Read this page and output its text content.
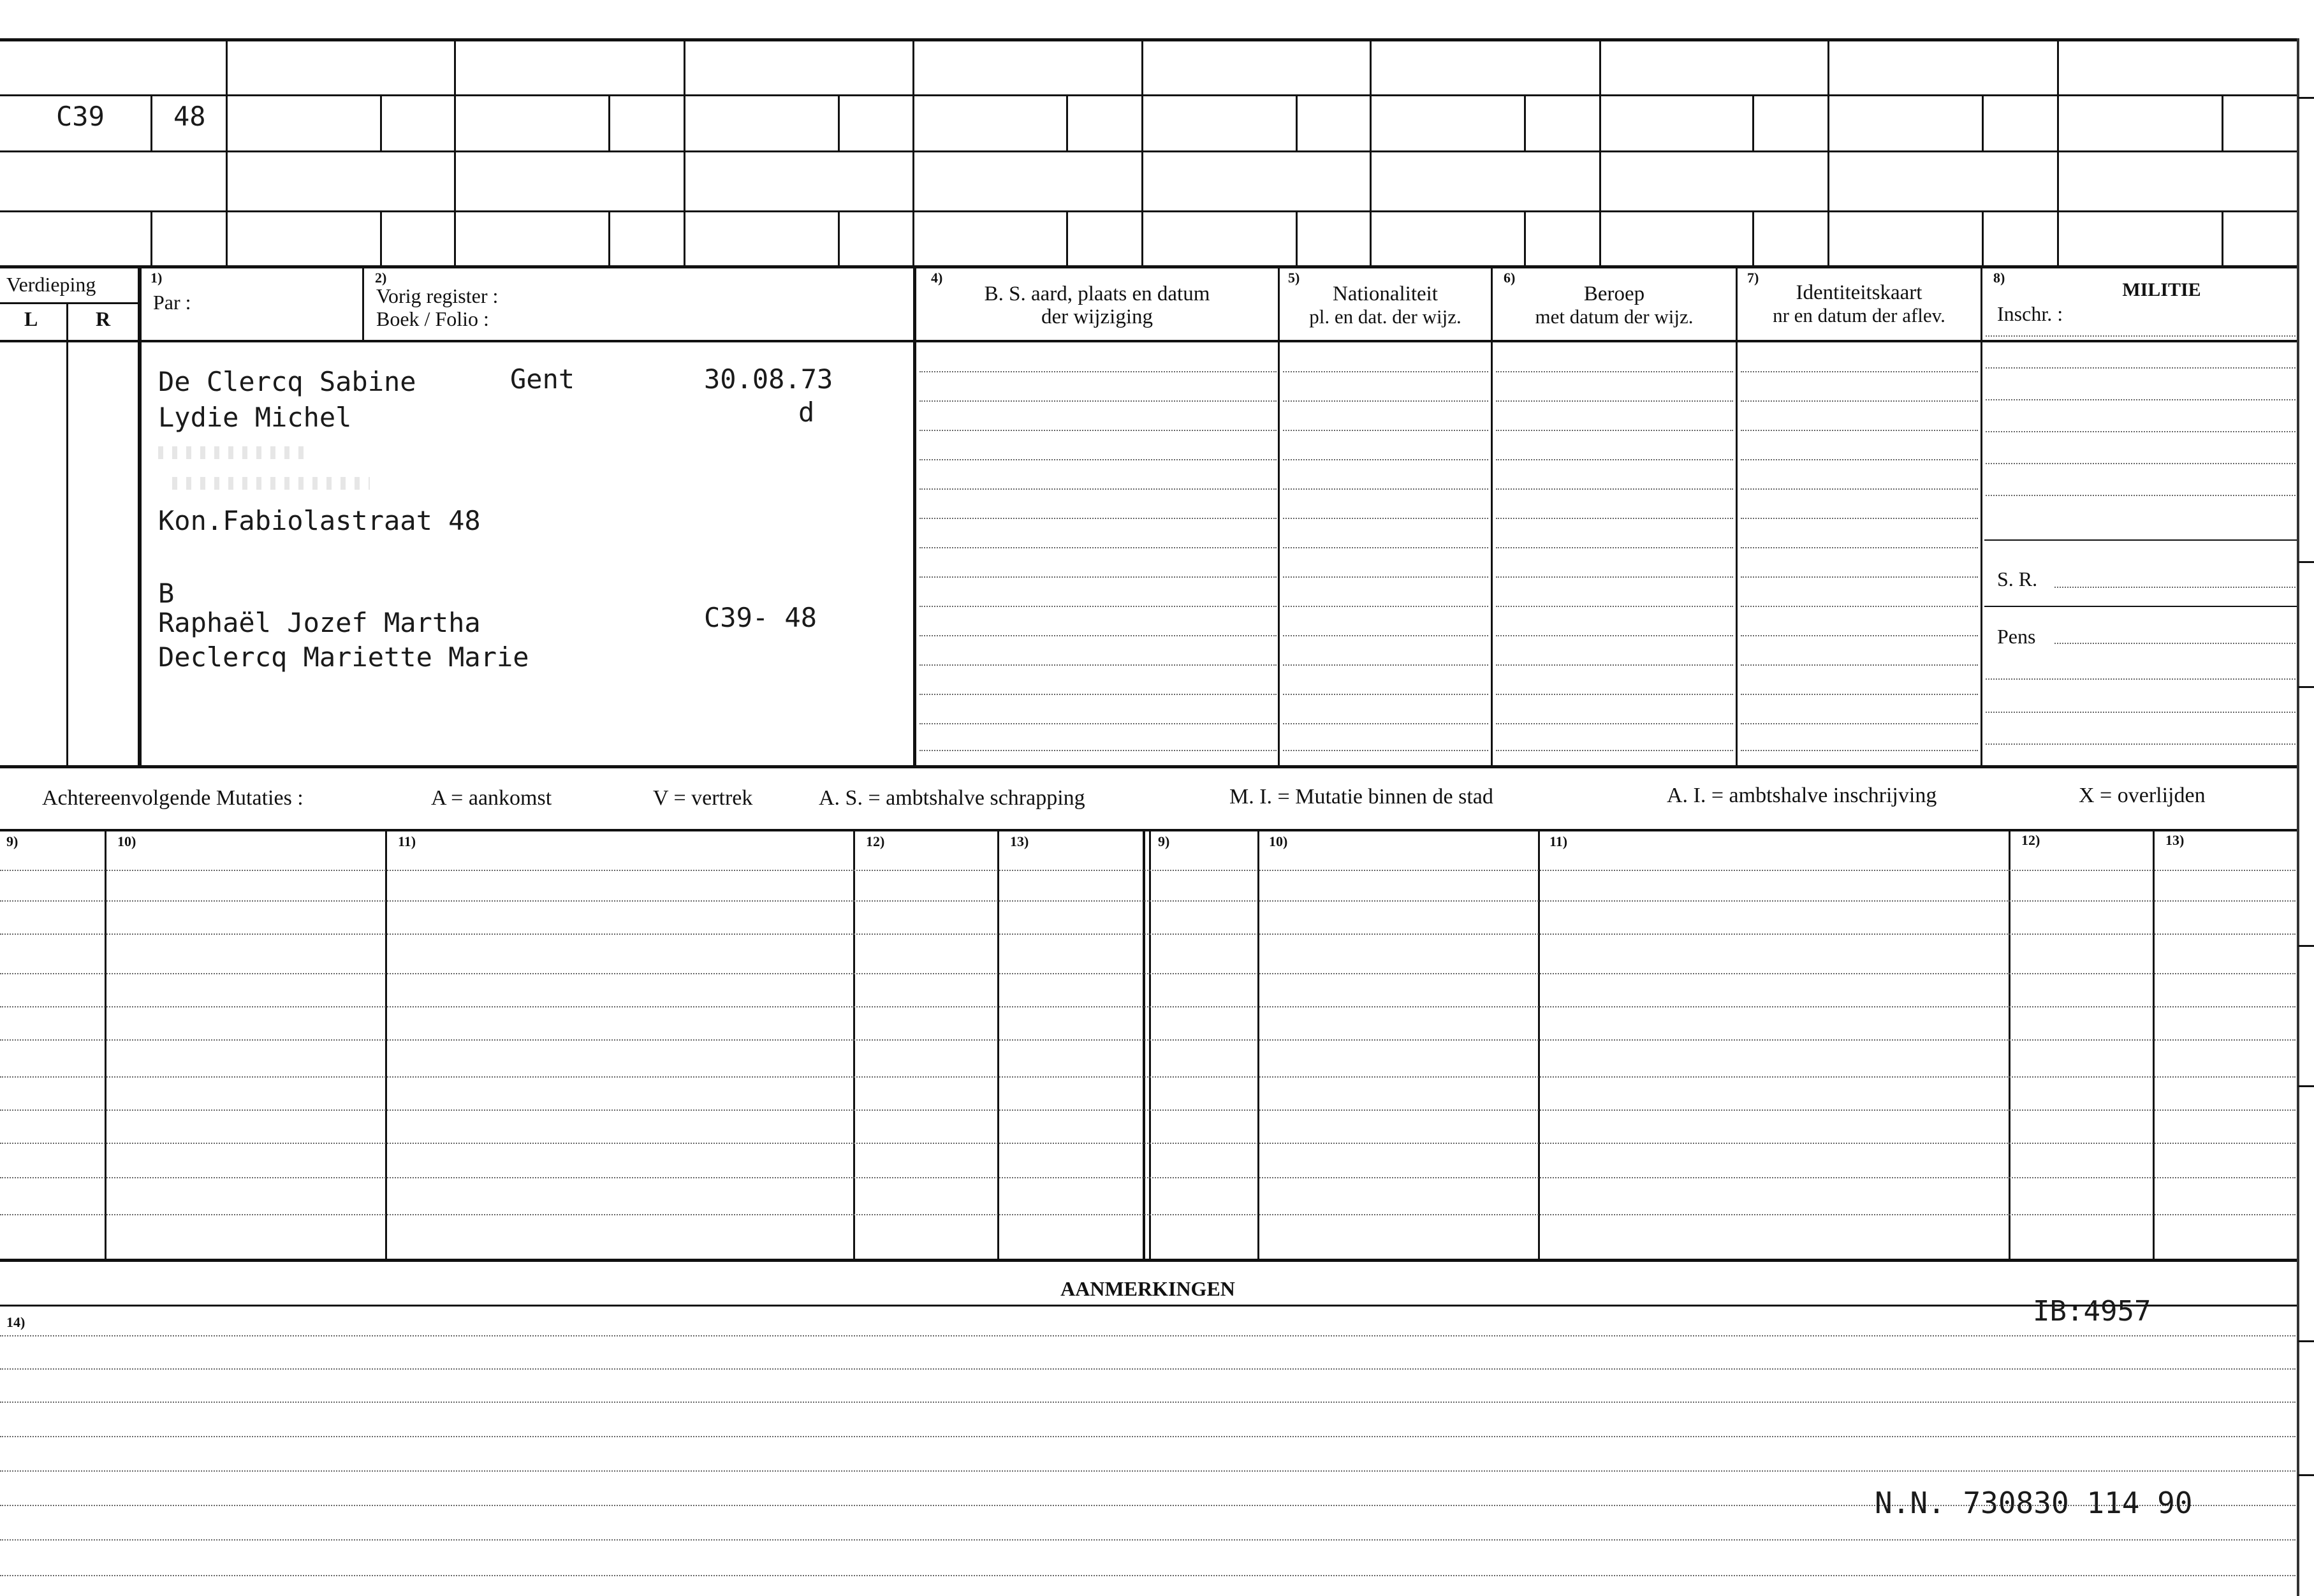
C39	48
Verdieping
L	R
1)
Par :
2)
Vorig register :
Boek / Folio :
4)
B. S. aard, plaats en datum
der wijziging
5)
Nationaliteit
pl. en dat. der wijz.
6)
Beroep
met datum der wijz.
7)
Identiteitskaart
nr en datum der aflev.
8)
MILITIE
Inschr. :
S. R.
Pens
De Clercq Sabine	Gent	30.08.73
Lydie Michel	d
Kon.Fabiolastraat 48
B
Raphaël Jozef Martha	C39- 48
Declercq Mariette Marie
Achtereenvolgende Mutaties :	A = aankomst	V = vertrek	A. S. = ambtshalve schrapping	M. I. = Mutatie binnen de stad	A. I. = ambtshalve inschrijving	X = overlijden
9)	10)	11)	12)	13)	9)	10)	11)	12)	13)
AANMERKINGEN
14)	IB:4957
N.N. 730830 114 90
